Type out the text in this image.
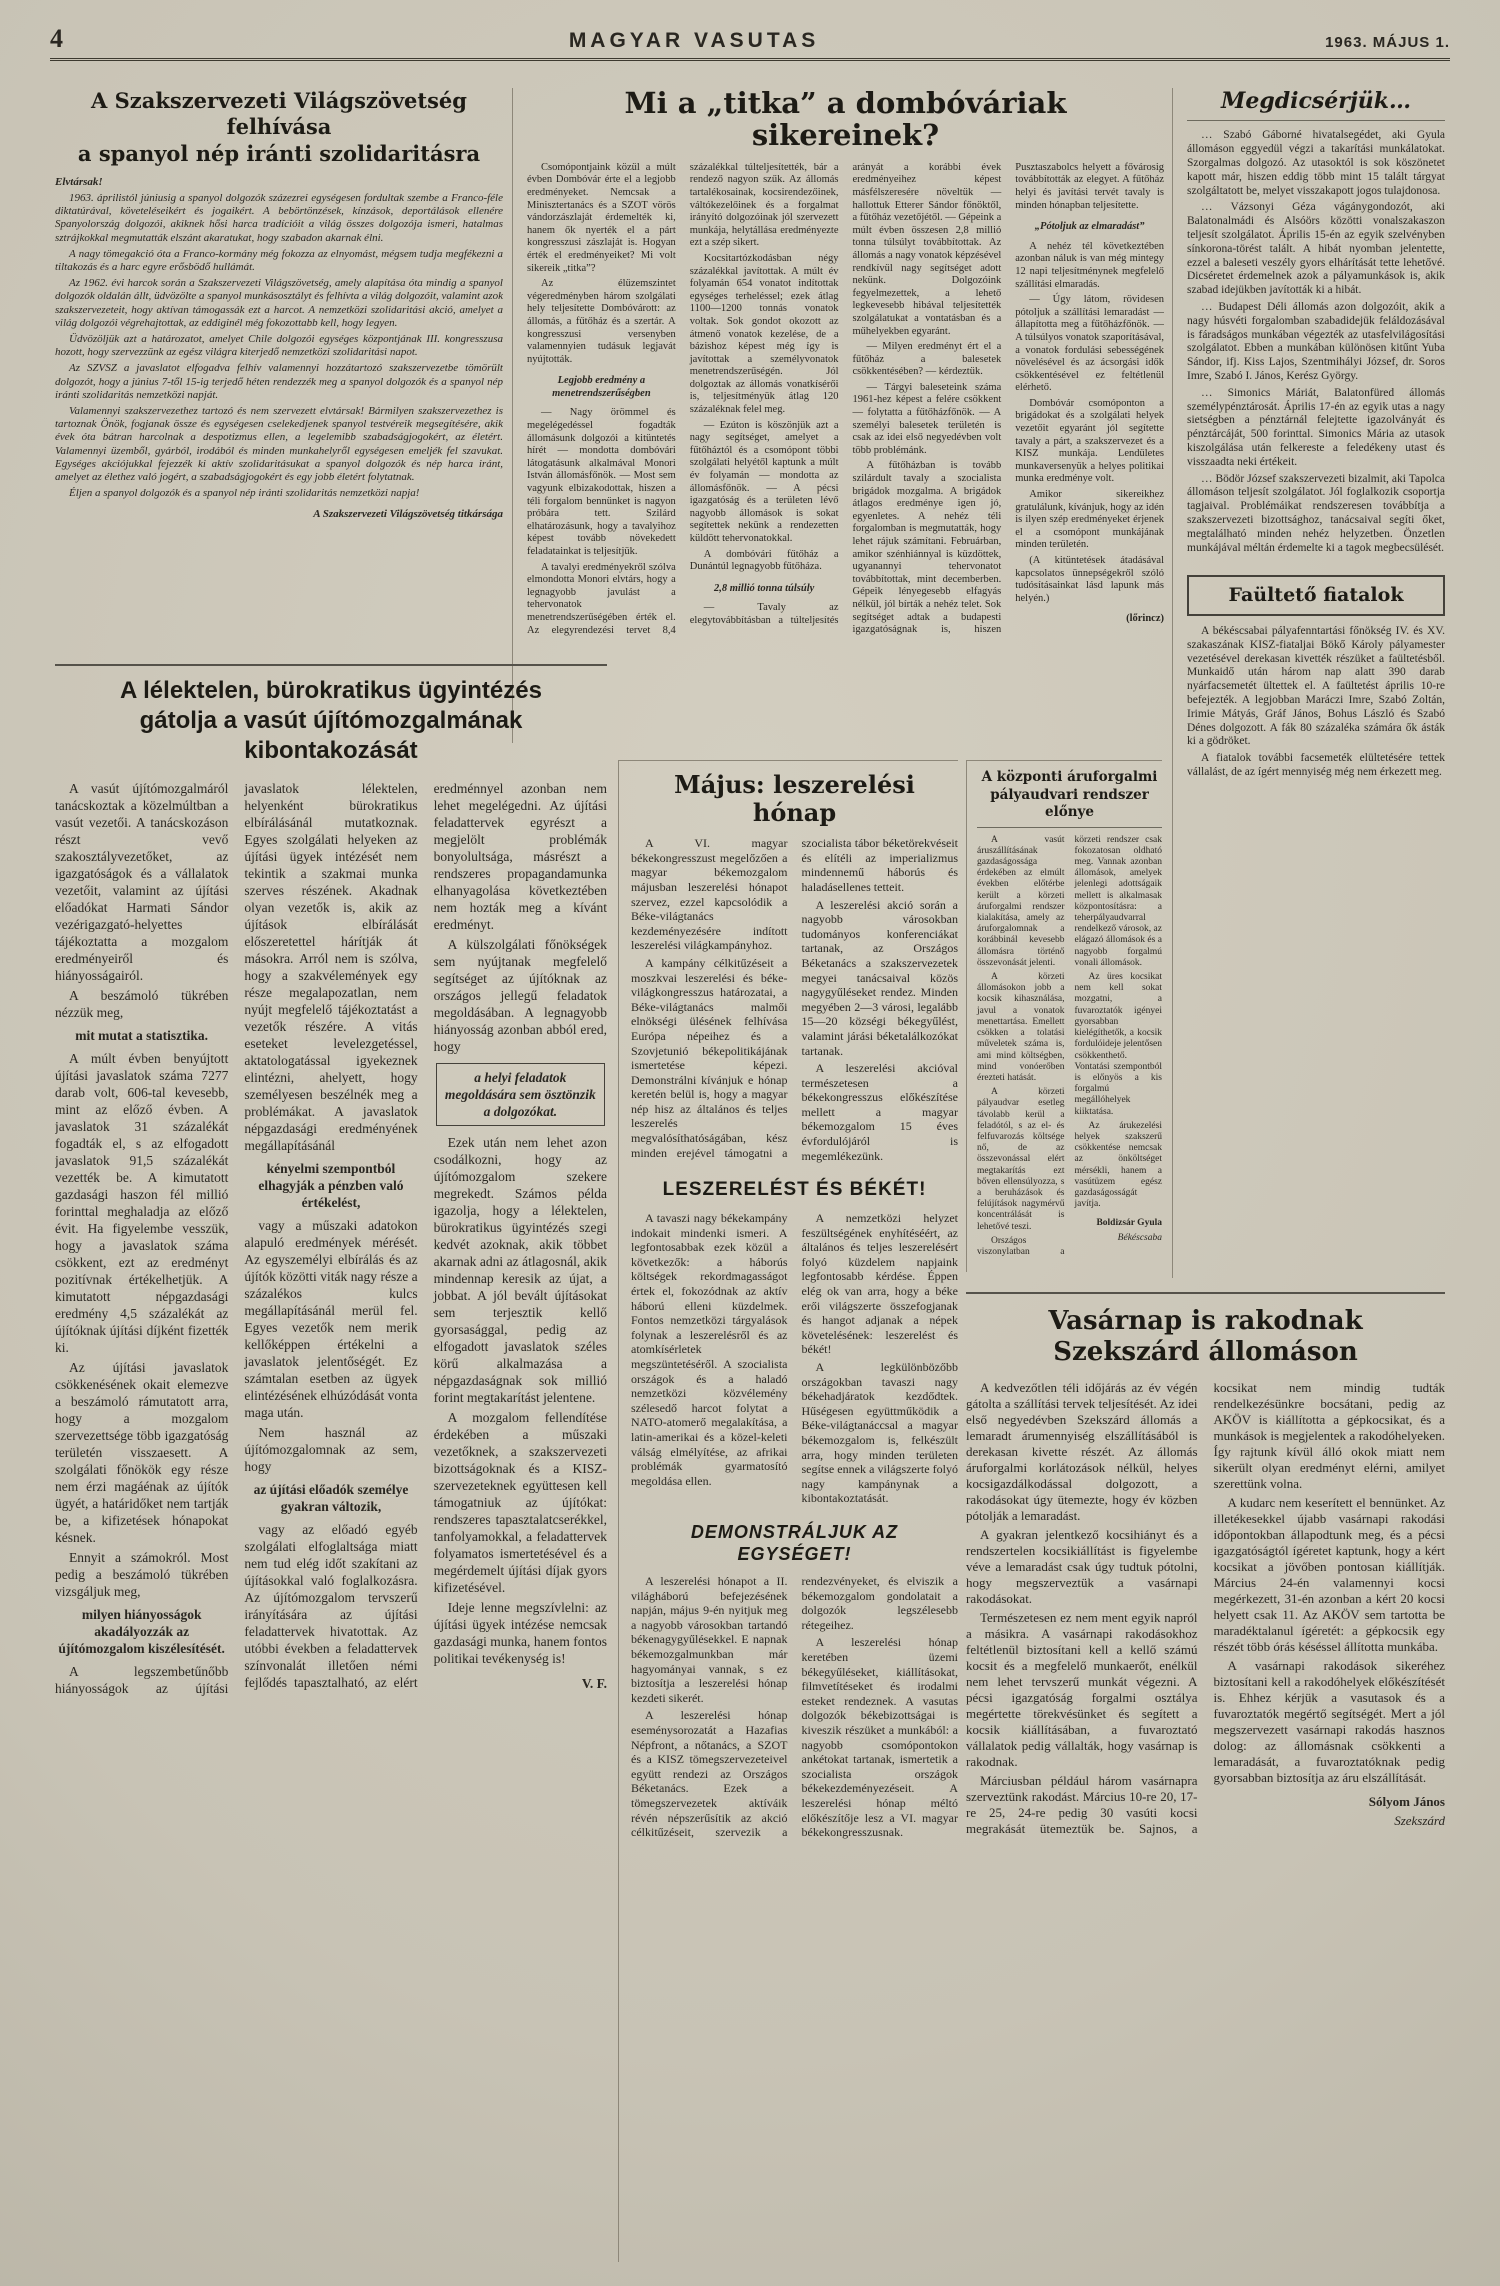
4	MAGYAR VASUTAS	1963. MÁJUS 1.
A Szakszervezeti Világszövetség felhívása
a spanyol nép iránti szolidaritásra

Elvtársak!

1963. áprilistól júniusig a spanyol dolgozók százezrei egységesen fordultak szembe a Franco-féle diktatúrával, követeléseikért és jogaikért. A bebörtönzések, kínzások, deportálások ellenére Spanyolország dolgozói, akiknek hősi harca tradícióit a világ összes dolgozója ismeri, hatalmas sztrájkokkal megmutatták elszánt akaratukat, hogy szabadon akarnak élni.

A nagy tömegakció óta a Franco-kormány még fokozza az elnyomást, mégsem tudja megfékezni a tiltakozás és a harc egyre erősbödő hullámát.

Az 1962. évi harcok során a Szakszervezeti Világszövetség, amely alapítása óta mindig a spanyol dolgozók oldalán állt, üdvözölte a spanyol munkásosztályt és felhívta a világ dolgozóit, valamint azok szakszervezeteit, hogy aktívan támogassák ezt a harcot. A nemzetközi szolidaritási akció, amelyet a világ dolgozói végrehajtottak, az eddiginél még fokozottabb kell, hogy legyen.

Üdvözöljük azt a határozatot, amelyet Chile dolgozói egységes központjának III. kongresszusa hozott, hogy szervezzünk az egész világra kiterjedő nemzetközi szolidaritási napot.

Az SZVSZ a javaslatot elfogadva felhív valamennyi hozzátartozó szakszervezetbe tömörült dolgozót, hogy a június 7-től 15-ig terjedő héten rendezzék meg a spanyol dolgozók és a spanyol nép iránti szolidaritás nemzetközi napját.

Valamennyi szakszervezethez tartozó és nem szervezett elvtársak! Bármilyen szakszervezethez is tartoznak Önök, fogjanak össze és egységesen cselekedjenek spanyol testvéreik megsegítésére, akik évek óta bátran harcolnak a despotizmus ellen, a legelemibb szabadságjogokért, az életért. Valamennyi üzemből, gyárból, irodából és minden munkahelyről egységesen emeljék fel szavukat. Egységes akciójukkal fejezzék ki aktív szolidaritásukat a spanyol dolgozók és nép harca iránt, amelyet az élethez való jogért, a szabadságjogokért és egy jobb életért folytatnak.

Éljen a spanyol dolgozók és a spanyol nép iránti szolidaritás nemzetközi napja!

A Szakszervezeti Világszövetség titkársága

Mi a „titka” a dombóváriak sikereinek?

Csomópontjaink közül a múlt évben Dombóvár érte el a legjobb eredményeket. Nemcsak a Minisztertanács és a SZOT vörös vándorzászlaját érdemelték ki, hanem ők nyerték el a párt kongresszusi zászlaját is. Hogyan érték el eredményeiket? Mi volt sikereik „titka”?

Az élüzemszintet végeredményben három szolgálati hely teljesítette Dombóvárott: az állomás, a fűtőház és a szertár. A kongresszusi versenyben valamennyien tudásuk legjavát nyújtották.

Legjobb eredmény a menetrendszerűségben

— Nagy örömmel és megelégedéssel fogadták állomásunk dolgozói a kitüntetés hírét — mondotta dombóvári látogatásunk alkalmával Monori István állomásfőnök. — Most sem vagyunk elbizakodottak, hiszen a téli forgalom bennünket is nagyon próbára tett. Szilárd elhatározásunk, hogy a tavalyihoz képest tovább növekedett feladatainkat is teljesítjük.

A tavalyi eredményekről szólva elmondotta Monori elvtárs, hogy a legnagyobb javulást a tehervonatok menetrendszerűségében érték el. Az elegyrendezési tervet 8,4 százalékkal túlteljesítették, bár a rendező nagyon szűk. Az állomás tartalékosainak, kocsirendezőinek, váltókezelőinek és a forgalmat irányító dolgozóinak jól szervezett munkája, helytállása eredményezte ezt a szép sikert.

Kocsitartózkodásban négy százalékkal javítottak. A múlt év folyamán 654 vonatot indítottak egységes terheléssel; ezek átlag 1100—1200 tonnás vonatok voltak. Sok gondot okozott az átmenő vonatok kezelése, de a bázishoz képest még így is javítottak a személyvonatok menetrendszerűségén. Jól dolgoztak az állomás vonatkísérői is, teljesítményük átlag 120 százaléknak felel meg.

— Ezúton is köszönjük azt a nagy segítséget, amelyet a fűtőháztól és a csomópont többi szolgálati helyétől kaptunk a múlt év folyamán — mondotta az állomásfőnök. — A pécsi igazgatóság és a területen lévő nagyobb állomások is sokat segítettek nekünk a rendezetten küldött tehervonatokkal.

A dombóvári fűtőház a Dunántúl legnagyobb fűtőháza.

2,8 millió tonna túlsúly

— Tavaly az elegytovábbításban a túlteljesítés arányát a korábbi évek eredményeihez képest másfélszeresére növeltük — hallottuk Etterer Sándor főnöktől, a fűtőház vezetőjétől. — Gépeink a múlt évben összesen 2,8 millió tonna túlsúlyt továbbítottak. Az állomás a nagy vonatok képzésével rendkívül nagy segítséget adott nekünk. Dolgozóink fegyelmezettek, a lehető legkevesebb hibával teljesítették szolgálatukat a vontatásban és a műhelyekben egyaránt.

— Milyen eredményt ért el a fűtőház a balesetek csökkentésében? — kérdeztük.

— Tárgyi baleseteink száma 1961-hez képest a felére csökkent — folytatta a fűtőházfőnök. — A személyi balesetek területén is csak az idei első negyedévben volt több problémánk.

A fűtőházban is tovább szilárdult tavaly a szocialista brigádok mozgalma. A brigádok átlagos eredménye igen jó, egyenletes. A nehéz téli forgalomban is megmutatták, hogy lehet rájuk számítani. Februárban, amikor szénhiánnyal is küzdöttek, ugyanannyi tehervonatot továbbítottak, mint decemberben. Gépeik lényegesebb elfagyás nélkül, jól bírták a nehéz telet. Sok segítséget adtak a budapesti igazgatóságnak is, hiszen Pusztaszabolcs helyett a fővárosig továbbították az elegyet. A fűtőház helyi és javítási tervét tavaly is minden hónapban teljesítette.

„Pótoljuk az elmaradást”

A nehéz tél következtében azonban náluk is van még mintegy 12 napi teljesítménynek megfelelő szállítási elmaradás.

— Úgy látom, rövidesen pótoljuk a szállítási lemaradást — állapította meg a fűtőházfőnök. — A túlsúlyos vonatok szaporításával, a vonatok fordulási sebességének növelésével és az ácsorgási idők csökkentésével ez feltétlenül elérhető.

Dombóvár csomóponton a brigádokat és a szolgálati helyek vezetőit egyaránt jól segítette tavaly a párt, a szakszervezet és a KISZ munkája. Lendületes munkaversenyük a helyes politikai munka eredménye volt.

Amikor sikereikhez gratulálunk, kívánjuk, hogy az idén is ilyen szép eredményeket érjenek el a csomópont munkájának minden területén.

(A kitüntetések átadásával kapcsolatos ünnepségekről szóló tudósításainkat lásd lapunk más helyén.)

(lőrincz)

Megdicsérjük…

… Szabó Gáborné hivatalsegédet, aki Gyula állomáson eggyedül végzi a takarítási munkálatokat. Szorgalmas dolgozó. Az utasoktól is sok köszönetet kapott már, hiszen eddig több mint 15 talált tárgyat szolgáltatott be, melyet visszakapott jogos tulajdonosa.

… Vázsonyi Géza vágánygondozót, aki Balatonalmádi és Alsóörs közötti vonalszakaszon teljesít szolgálatot. Április 15-én az egyik szelvényben sínkorona-törést talált. A hibát nyomban jelentette, ezzel a baleseti veszély gyors elhárítását tette lehetővé. Dicséretet érdemelnek azok a pályamunkások is, akik szabad idejükben javították ki a hibát.

… Budapest Déli állomás azon dolgozóit, akik a nagy húsvéti forgalomban szabadidejük feláldozásával is fáradságos munkában végezték az utasfelvilágosítási szolgálatot. Ebben a munkában különösen kitűnt Yuba Sándor, ifj. Kiss Lajos, Szentmihályi József, dr. Soros Imre, Szabó I. János, Kerész György.

… Simonics Máriát, Balatonfüred állomás személypénztárosát. Április 17-én az egyik utas a nagy sietségben a pénztárnál felejtette igazolványát és pénztárcáját, 500 forinttal. Simonics Mária az utasok kiszolgálása után felkereste a feledékeny utast és visszaadta neki értékeit.

… Bödör József szakszervezeti bizalmit, aki Tapolca állomáson teljesít szolgálatot. Jól foglalkozik csoportja tagjaival. Problémáikat rendszeresen továbbítja a szakszervezeti bizottsághoz, tanácsaival segíti őket, megtalálható minden nehéz helyzetben. Önzetlen munkájával méltán érdemelte ki a tagok megbecsülését.

Faültető fiatalok

A békéscsabai pályafenntartási főnökség IV. és XV. szakaszának KISZ-fiataljai Bökő Károly pályamester vezetésével derekasan kivették részüket a faültetésből. Munkaidő után három nap alatt 390 darab nyárfacsemetét ültettek el. A faültetést április 10-re befejezték. A legjobban Maráczi Imre, Szabó Zoltán, Irimie Mátyás, Gráf János, Bohus László és Szabó Dénes dolgozott. A fák 80 százaléka számára ők ásták ki a gödröket.

A fiatalok további facsemeték elültetésére tettek vállalást, de az ígért mennyiség még nem érkezett meg.

A lélektelen, bürokratikus ügyintézés
gátolja a vasút újítómozgalmának kibontakozását

A vasút újítómozgalmáról tanácskoztak a közelmúltban a vasút vezetői. A tanácskozáson részt vevő szakosztályvezetőket, az igazgatóságok és a vállalatok vezetőit, valamint az újítási előadókat Harmati Sándor vezérigazgató-helyettes tájékoztatta a mozgalom eredményeiről és hiányosságairól.

A beszámoló tükrében nézzük meg,

mit mutat a statisztika.

A múlt évben benyújtott újítási javaslatok száma 7277 darab volt, 606-tal kevesebb, mint az előző évben. A javaslatok 31 százalékát fogadták el, s az elfogadott javaslatok 91,5 százalékát vezették be. A kimutatott gazdasági haszon fél millió forinttal meghaladja az előző évit. Ha figyelembe vesszük, hogy a javaslatok száma csökkent, ezt az eredményt pozitívnak értékelhetjük. A kimutatott népgazdasági eredmény 4,5 százalékát az újítóknak újítási díjként fizették ki.

Az újítási javaslatok csökkenésének okait elemezve a beszámoló rámutatott arra, hogy a mozgalom szervezettsége több igazgatóság területén visszaesett. A szolgálati főnökök egy része nem érzi magáénak az újítók ügyét, a határidőket nem tartják be, a kifizetések hónapokat késnek.

Ennyit a számokról. Most pedig a beszámoló tükrében vizsgáljuk meg,

milyen hiányosságok akadályozzák az újítómozgalom kiszélesítését.

A legszembetűnőbb hiányosságok az újítási javaslatok lélektelen, helyenként bürokratikus elbírálásánál mutatkoznak. Egyes szolgálati helyeken az újítási ügyek intézését nem tekintik a szakmai munka szerves részének. Akadnak olyan vezetők is, akik az újítások elbírálását előszeretettel hárítják át másokra. Arról nem is szólva, hogy a szakvélemények egy része megalapozatlan, nem nyújt megfelelő tájékoztatást a vezetők részére. A vitás eseteket levelezgetéssel, aktatologatással igyekeznek elintézni, ahelyett, hogy személyesen beszélnék meg a problémákat. A javaslatok népgazdasági eredményének megállapításánál

kényelmi szempontból elhagyják a pénzben való értékelést,

vagy a műszaki adatokon alapuló eredmények mérését. Az egyszemélyi elbírálás és az újítók közötti viták nagy része a százalékos kulcs megállapításánál merül fel. Egyes vezetők nem merik kellőképpen értékelni a javaslatok jelentőségét. Ez számtalan esetben az ügyek elintézésének elhúzódását vonta maga után.

Nem használ az újítómozgalomnak az sem, hogy

az újítási előadók személye gyakran változik,

vagy az előadó egyéb szolgálati elfoglaltsága miatt nem tud elég időt szakítani az újításokkal való foglalkozásra. Az újítómozgalom tervszerű irányítására az újítási feladattervek hivatottak. Az utóbbi években a feladattervek színvonalát illetően némi fejlődés tapasztalható, az elért eredménnyel azonban nem lehet megelégedni. Az újítási feladattervek egyrészt a megjelölt problémák bonyolultsága, másrészt a rendszeres propagandamunka elhanyagolása következtében nem hozták meg a kívánt eredményt.

A külszolgálati főnökségek sem nyújtanak megfelelő segítséget az újítóknak az országos jellegű feladatok megoldásában. A legnagyobb hiányosság azonban abból ered, hogy

a helyi feladatok megoldására sem ösztönzik a dolgozókat.

Ezek után nem lehet azon csodálkozni, hogy az újítómozgalom szekere megrekedt. Számos példa igazolja, hogy a lélektelen, bürokratikus ügyintézés szegi kedvét azoknak, akik többet akarnak adni az átlagosnál, akik mindennap keresik az újat, a jobbat. A jól bevált újításokat sem terjesztik kellő gyorsasággal, pedig az elfogadott javaslatok széles körű alkalmazása a népgazdaságnak sok millió forint megtakarítást jelentene.

A mozgalom fellendítése érdekében a műszaki vezetőknek, a szakszervezeti bizottságoknak és a KISZ-szervezeteknek együttesen kell támogatniuk az újítókat: rendszeres tapasztalatcserékkel, tanfolyamokkal, a feladattervek folyamatos ismertetésével és a megérdemelt újítási díjak gyors kifizetésével.

Ideje lenne megszívlelni: az újítási ügyek intézése nemcsak gazdasági munka, hanem fontos politikai tevékenység is!

V. F.

Május: leszerelési hónap

A VI. magyar békekongresszust megelőzően a magyar békemozgalom májusban leszerelési hónapot szervez, ezzel kapcsolódik a Béke-világtanács kezdeményezésére indított leszerelési világkampányhoz.

A kampány célkitűzéseit a moszkvai leszerelési és béke-világkongresszus határozatai, a Béke-világtanács malmői elnökségi ülésének felhívása Európa népeihez és a Szovjetunió békepolitikájának ismertetése képezi. Demonstrálni kívánjuk e hónap keretén belül is, hogy a magyar nép hisz az általános és teljes leszerelés megvalósíthatóságában, kész minden erejével támogatni a szocialista tábor béketörekvéseit és elítéli az imperializmus mindennemű háborús és haladásellenes tetteit.

A leszerelési akció során a nagyobb városokban tudományos konferenciákat tartanak, az Országos Béketanács a szakszervezetek megyei tanácsaival közös nagygyűléseket rendez. Minden megyében 2—3 városi, legalább 15—20 községi békegyűlést, valamint járási béketalálkozókat tartanak.

A leszerelési akcióval természetesen a békekongresszus előkészítése mellett a magyar békemozgalom 15 éves évfordulójáról is megemlékezünk.

LESZERELÉST ÉS BÉKÉT!

A tavaszi nagy békekampány indokait mindenki ismeri. A legfontosabbak ezek közül a következők: a háborús költségek rekordmagasságot értek el, fokozódnak az aktív háború elleni küzdelmek. Fontos nemzetközi tárgyalások folynak a leszerelésről és az atomkísérletek megszüntetéséről. A szocialista országok és a haladó nemzetközi közvélemény szélesedő harcot folytat a NATO-atomerő megalakítása, a latin-amerikai és a közel-keleti válság elmélyítése, az afrikai problémák gyarmatosító megoldása ellen.

A nemzetközi helyzet feszültségének enyhítéséért, az általános és teljes leszerelésért folyó küzdelem napjaink legfontosabb kérdése. Éppen elég ok van arra, hogy a béke erői világszerte összefogjanak és hangot adjanak a népek követelésének: leszerelést és békét!

A legkülönbözőbb országokban tavaszi nagy békehadjáratok kezdődtek. Hűségesen együttműködik a Béke-világtanáccsal a magyar békemozgalom is, felkészült arra, hogy minden területen segítse ennek a világszerte folyó nagy kampánynak a kibontakoztatását.

DEMONSTRÁLJUK AZ EGYSÉGET!

A leszerelési hónapot a II. világháború befejezésének napján, május 9-én nyitjuk meg a nagyobb városokban tartandó békenagygyűlésekkel. E napnak békemozgalmunkban már hagyományai vannak, s ez biztosítja a leszerelési hónap kezdeti sikerét.

A leszerelési hónap eseménysorozatát a Hazafias Népfront, a nőtanács, a SZOT és a KISZ tömegszervezeteivel együtt rendezi az Országos Béketanács. Ezek a tömegszervezetek aktíváik révén népszerűsítik az akció célkitűzéseit, szervezik a rendezvényeket, és elviszik a békemozgalom gondolatait a dolgozók legszélesebb rétegeihez.

A leszerelési hónap keretében üzemi békegyűléseket, kiállításokat, filmvetítéseket és irodalmi esteket rendeznek. A vasutas dolgozók békebizottságai is kiveszik részüket a munkából: a nagyobb csomópontokon ankétokat tartanak, ismertetik a szocialista országok békekezdeményezéseit. A leszerelési hónap méltó előkészítője lesz a VI. magyar békekongresszusnak.

A központi áruforgalmi
pályaudvari rendszer előnye

A vasút áruszállításának gazdaságossága érdekében az elmúlt években előtérbe került a körzeti áruforgalmi rendszer kialakítása, amely az áruforgalomnak a korábbinál kevesebb állomásra történő összevonását jelenti.

A körzeti állomásokon jobb a kocsik kihasználása, javul a vonatok menettartása. Emellett csökken a tolatási műveletek száma is, ami mind költségben, mind vonóerőben érezteti hatását.

A körzeti pályaudvar esetleg távolabb kerül a feladótól, s az el- és felfuvarozás költsége nő, de az összevonással elért megtakarítás ezt bőven ellensúlyozza, s a beruházások és felújítások nagymérvű koncentrálását is lehetővé teszi.

Országos viszonylatban a körzeti rendszer csak fokozatosan oldható meg. Vannak azonban állomások, amelyek jelenlegi adottságaik mellett is alkalmasak központosításra: a teherpályaudvarral rendelkező városok, az elágazó állomások és a nagyobb forgalmú vonali állomások.

Az üres kocsikat nem kell sokat mozgatni, a fuvaroztatók igényei gyorsabban kielégíthetők, a kocsik fordulóideje jelentősen csökkenthető. Vontatási szempontból is előnyös a kis forgalmú megállóhelyek kiiktatása.

Az árukezelési helyek szakszerű csökkentése nemcsak az önköltséget mérsékli, hanem a vasútüzem egész gazdaságosságát javítja.

Boldizsár Gyula

Békéscsaba

Vasárnap is rakodnak
Szekszárd állomáson

A kedvezőtlen téli időjárás az év végén gátolta a szállítási tervek teljesítését. Az idei első negyedévben Szekszárd állomás a lemaradt árumennyiség elszállításából is derekasan kivette részét. Az állomás áruforgalmi korlátozások nélkül, helyes kocsigazdálkodással dolgozott, a rakodásokat úgy ütemezte, hogy év közben pótolják a lemaradást.

A gyakran jelentkező kocsihiányt és a rendszertelen kocsikiállítást is figyelembe véve a lemaradást csak úgy tudtuk pótolni, hogy megszerveztük a vasárnapi rakodásokat.

Természetesen ez nem ment egyik napról a másikra. A vasárnapi rakodásokhoz feltétlenül biztosítani kell a kellő számú kocsit és a megfelelő munkaerőt, enélkül nem lehet tervszerű munkát végezni. A pécsi igazgatóság forgalmi osztálya megértette törekvésünket és segített a kocsik kiállításában, a fuvaroztató vállalatok pedig vállalták, hogy vasárnap is rakodnak.

Márciusban például három vasárnapra szerveztünk rakodást. Március 10-re 20, 17-re 25, 24-re pedig 30 vasúti kocsi megrakását ütemeztük be. Sajnos, a kocsikat nem mindig tudták rendelkezésünkre bocsátani, pedig az AKÖV is kiállította a gépkocsikat, és a munkások is megjelentek a rakodóhelyeken. Így rajtunk kívül álló okok miatt nem sikerült olyan eredményt elérni, amilyet szerettünk volna.

A kudarc nem keserített el bennünket. Az illetékesekkel újabb vasárnapi rakodási időpontokban állapodtunk meg, és a pécsi igazgatóságtól ígéretet kaptunk, hogy a kért kocsikat a jövőben pontosan kiállítják. Március 24-én valamennyi kocsi megérkezett, 31-én azonban a kért 20 kocsi helyett csak 11. Az AKÖV sem tartotta be maradéktalanul ígéretét: a gépkocsik egy részét több órás késéssel állította munkába.

A vasárnapi rakodások sikeréhez biztosítani kell a rakodóhelyek előkészítését is. Ehhez kérjük a vasutasok és a fuvaroztatók megértő segítségét. Mert a jól megszervezett vasárnapi rakodás hasznos dolog: az állomásnak csökkenti a lemaradását, a fuvaroztatóknak pedig gyorsabban biztosítja az áru elszállítását.

Sólyom János

Szekszárd
